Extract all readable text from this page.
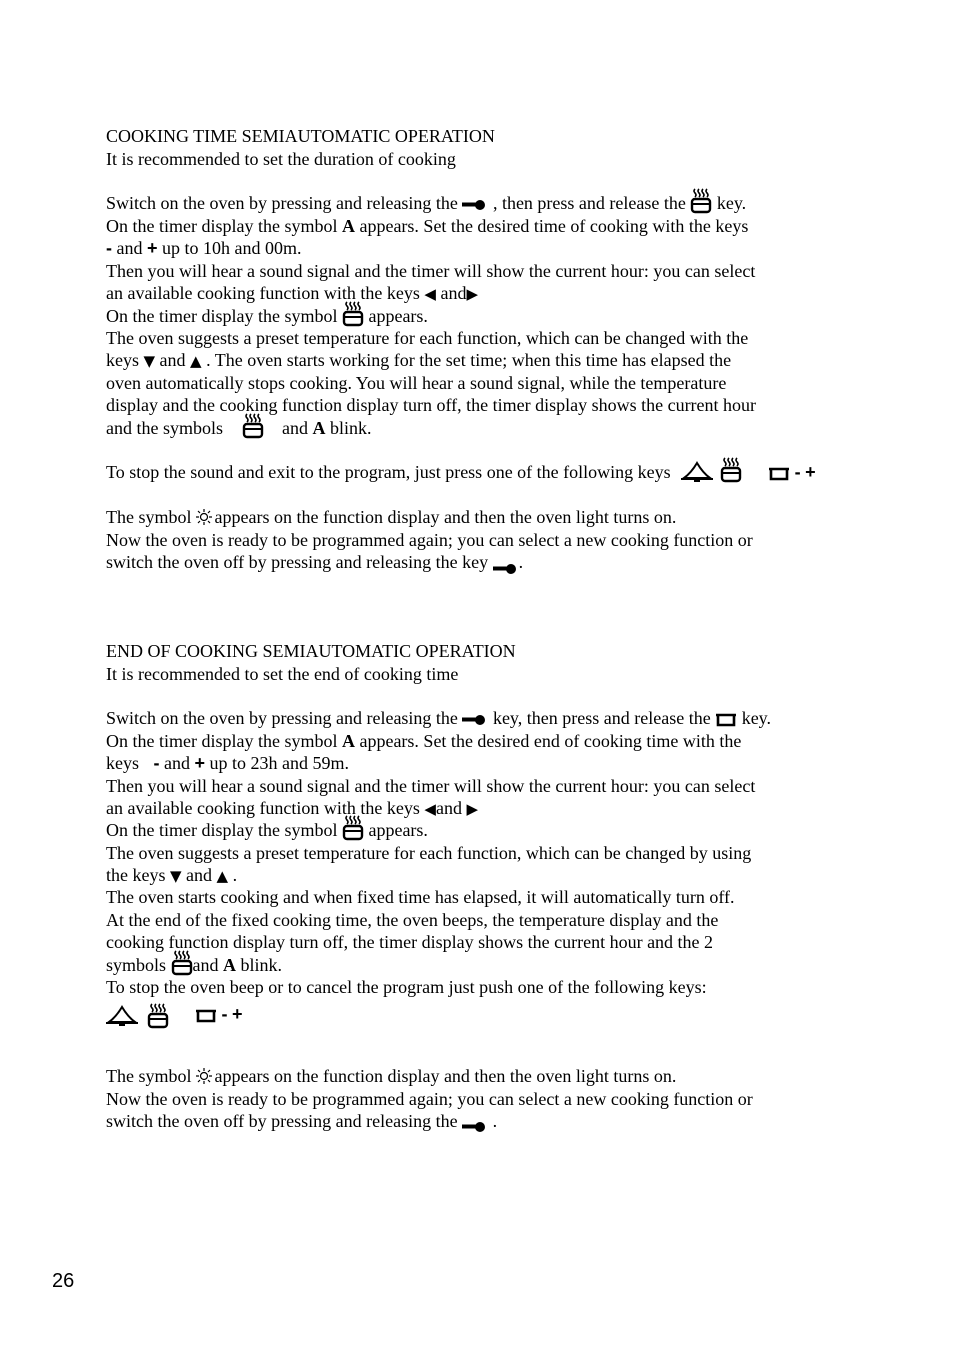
COOKING TIME SEMIAUTOMATIC OPERATION
It is recommended to set the duration of cooking
Switch on the oven by pressing and releasing the  , then press and release the  key.
On the timer display the symbol A appears. Set the desired time of cooking with the keys
- and + up to 10h and 00m.
Then you will hear a sound signal and the timer will show the current hour: you can select
an available cooking function with the keys ◀ and▶
On the timer display the symbol  appears.
The oven suggests a preset temperature for each function, which can be changed with the
keys ▼ and ▲ . The oven starts working for the set time; when this time has elapsed the
oven automatically stops cooking. You will hear a sound signal, while the temperature
display and the cooking function display turn off, the timer display shows the current hour
and the symbols	and A blink.
To stop the sound and exit to the program, just press one of the following keys	- +
The symbol appears on the function display and then the oven light turns on.
Now the oven is ready to be programmed again; you can select a new cooking function or
switch the oven off by pressing and releasing the key .
END OF COOKING SEMIAUTOMATIC OPERATION
It is recommended to set the end of cooking time
Switch on the oven by pressing and releasing the  key, then press and release the  key.
On the timer display the symbol A appears. Set the desired end of cooking time with the
keys - and + up to 23h and 59m.
Then you will hear a sound signal and the timer will show the current hour: you can select
an available cooking function with the keys ◀and ▶
On the timer display the symbol  appears.
The oven suggests a preset temperature for each function, which can be changed by using
the keys ▼ and ▲ .
The oven starts cooking and when fixed time has elapsed, it will automatically turn off.
At the end of the fixed cooking time, the oven beeps, the temperature display and the
cooking function display turn off, the timer display shows the current hour and the 2
symbols and A blink.
To stop the oven beep or to cancel the program just push one of the following keys:
- +
The symbol appears on the function display and then the oven light turns on.
Now the oven is ready to be programmed again; you can select a new cooking function or
switch the oven off by pressing and releasing the  .
26
